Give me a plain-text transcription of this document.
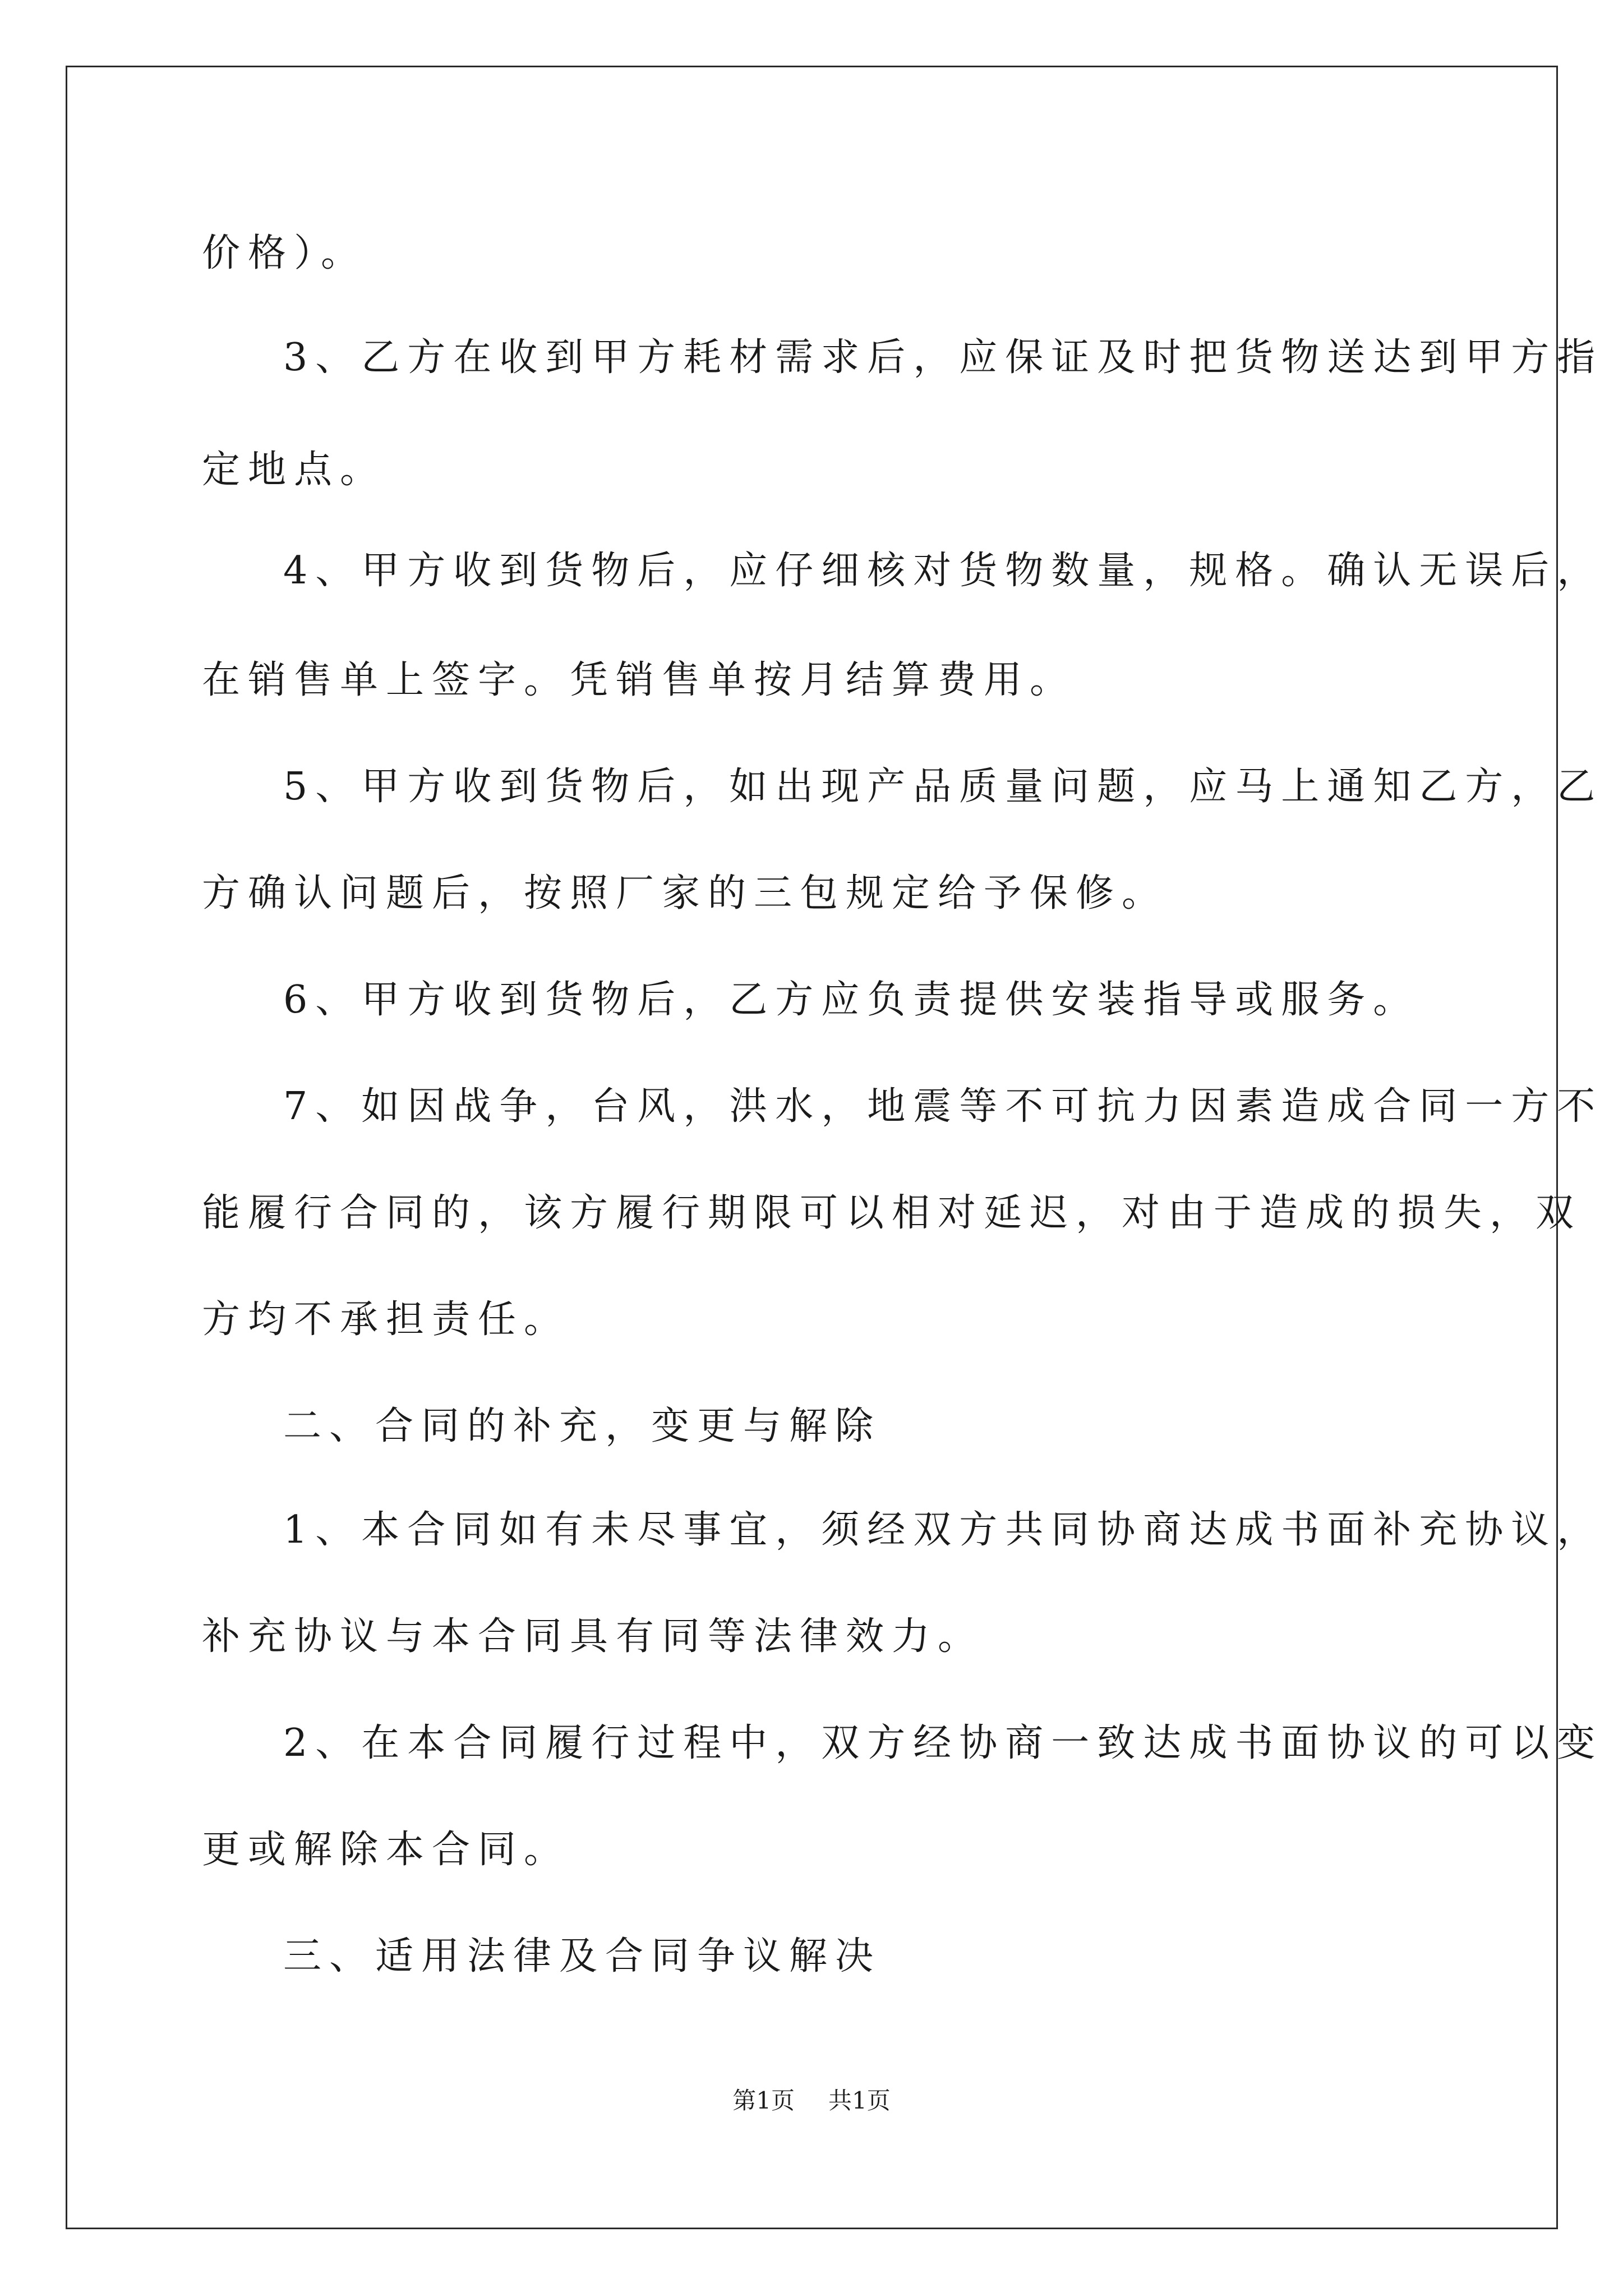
价格）。
3、乙方在收到甲方耗材需求后，应保证及时把货物送达到甲方指
定地点。
4、甲方收到货物后，应仔细核对货物数量，规格。确认无误后，
在销售单上签字。凭销售单按月结算费用。
5、甲方收到货物后，如出现产品质量问题，应马上通知乙方，乙
方确认问题后，按照厂家的三包规定给予保修。
6、甲方收到货物后，乙方应负责提供安装指导或服务。
7、如因战争，台风，洪水，地震等不可抗力因素造成合同一方不
能履行合同的，该方履行期限可以相对延迟，对由于造成的损失，双
方均不承担责任。
二、合同的补充，变更与解除
1、本合同如有未尽事宜，须经双方共同协商达成书面补充协议，
补充协议与本合同具有同等法律效力。
2、在本合同履行过程中，双方经协商一致达成书面协议的可以变
更或解除本合同。
三、适用法律及合同争议解决
第1页 共1页
